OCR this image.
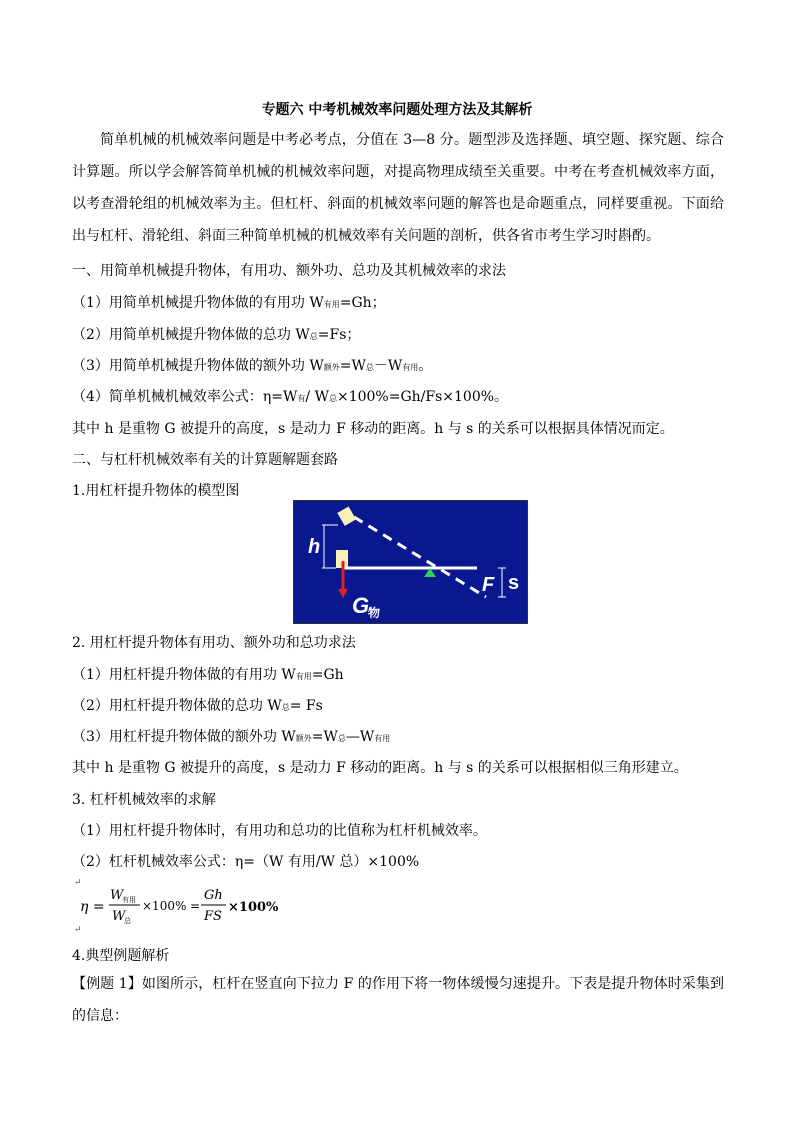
专题六 中考机械效率问题处理方法及其解析
简单机械的机械效率问题是中考必考点，分值在 3—8 分。题型涉及选择题、填空题、探究题、综合计算题。所以学会解答简单机械的机械效率问题，对提高物理成绩至关重要。中考在考查机械效率方面，以考查滑轮组的机械效率为主。但杠杆、斜面的机械效率问题的解答也是命题重点，同样要重视。下面给出与杠杆、滑轮组、斜面三种简单机械的机械效率有关问题的剖析，供各省市考生学习时斟酌。
一、用简单机械提升物体，有用功、额外功、总功及其机械效率的求法
（1）用简单机械提升物体做的有用功 W有用=Gh；
（2）用简单机械提升物体做的总功 W总=Fs；
（3）用简单机械提升物体做的额外功 W额外=W总－W有用。
（4）简单机械机械效率公式：η=W有/ W总×100%=Gh/Fs×100%。
其中 h 是重物 G 被提升的高度，s 是动力 F 移动的距离。h 与 s 的关系可以根据具体情况而定。
二、与杠杆机械效率有关的计算题解题套路
1.用杠杆提升物体的模型图
h
G
物
F s
2. 用杠杆提升物体有用功、额外功和总功求法
（1）用杠杆提升物体做的有用功 W有用=Gh
（2）用杠杆提升物体做的总功 W总= Fs
（3）用杠杆提升物体做的额外功 W额外=W总—W有用
其中 h 是重物 G 被提升的高度，s 是动力 F 移动的距离。h 与 s 的关系可以根据相似三角形建立。
3. 杠杆机械效率的求解
（1）用杠杆提升物体时，有用功和总功的比值称为杠杆机械效率。
（2）杠杆机械效率公式：η=（W 有用/W 总）×100%
↵
η =
W
有用
W
总
×100% =
Gh
FS
×100%
↵
4.典型例题解析
【例题 1】如图所示，杠杆在竖直向下拉力 F 的作用下将一物体缓慢匀速提升。下表是提升物体时采集到的信息：
